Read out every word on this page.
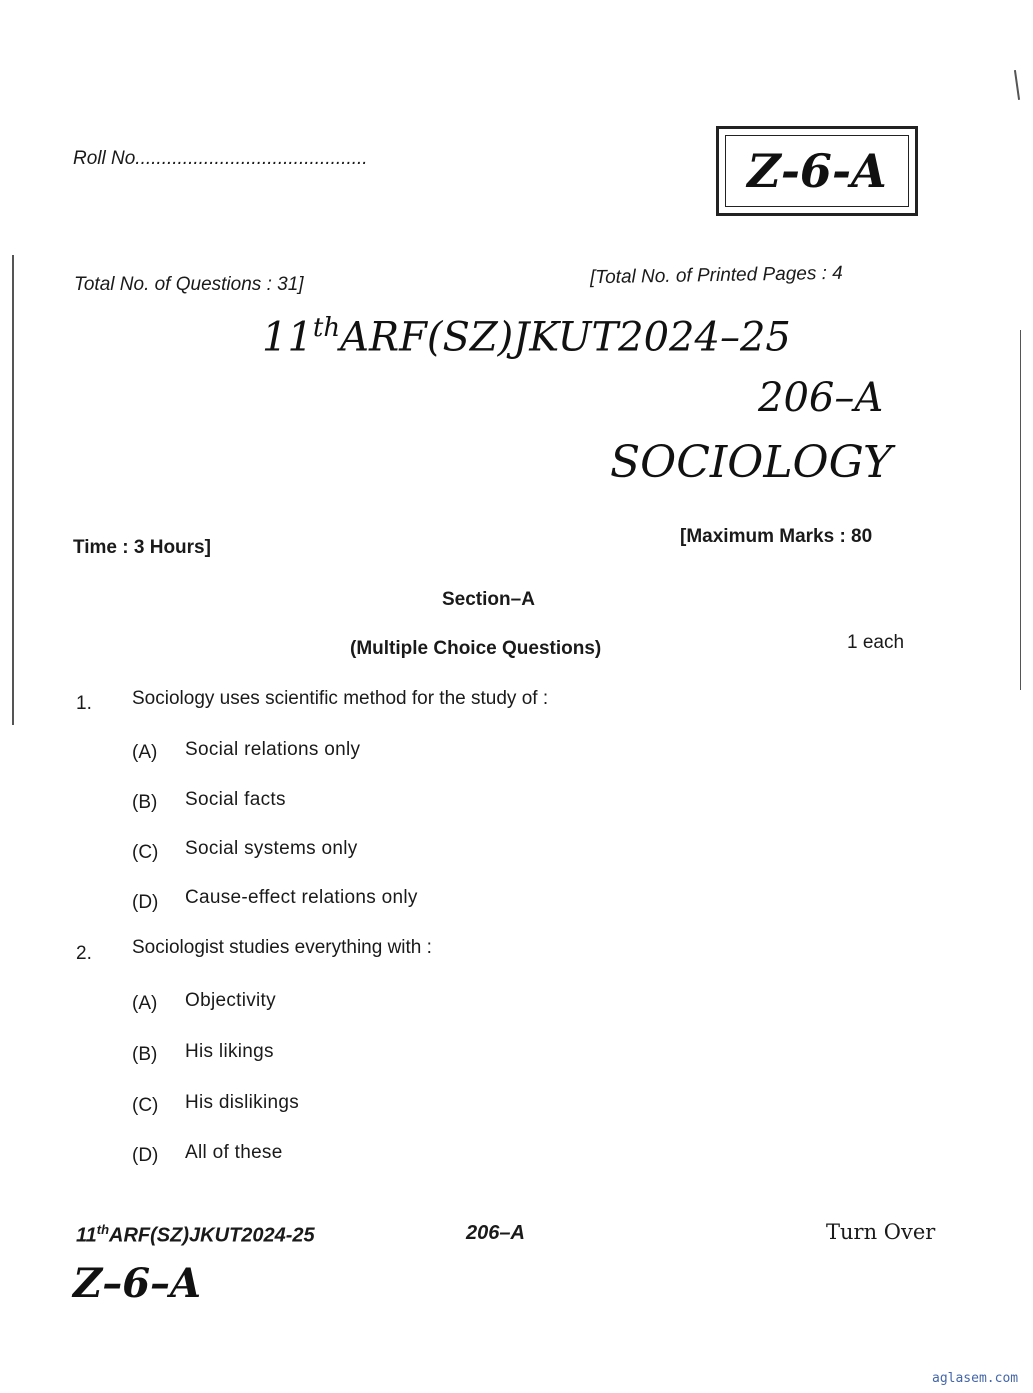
Roll No............................................	Z-6-A
Total No. of Questions : 31]	[Total No. of Printed Pages : 4
11thARF(SZ)JKUT2024–25
206–A
SOCIOLOGY
Time : 3 Hours]
[Maximum Marks : 80
Section–A
(Multiple Choice Questions)	1 each
1. Sociology uses scientific method for the study of :
(A) Social relations only
(B) Social facts
(C) Social systems only
(D) Cause-effect relations only
2. Sociologist studies everything with :
(A) Objectivity
(B) His likings
(C) His dislikings
(D) All of these
11thARF(SZ)JKUT2024-25	206–A	Turn Over
Z–6–A
aglasem.com
